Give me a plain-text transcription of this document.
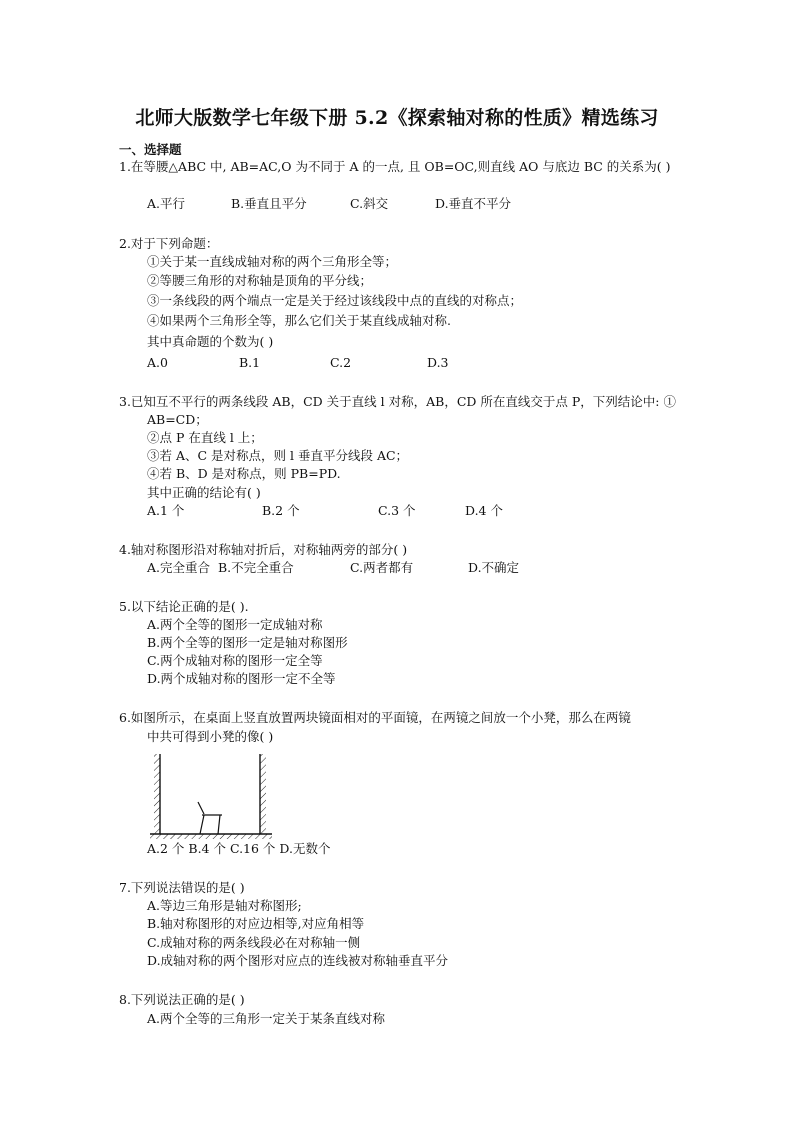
北师大版数学七年级下册 5.2《探索轴对称的性质》精选练习
一、选择题
1.在等腰△ABC 中, AB=AC,O 为不同于 A 的一点, 且 OB=OC,则直线 AO 与底边 BC 的关系为( )
A.平行	B.垂直且平分	C.斜交	D.垂直不平分
2.对于下列命题：
①关于某一直线成轴对称的两个三角形全等；
②等腰三角形的对称轴是顶角的平分线；
③一条线段的两个端点一定是关于经过该线段中点的直线的对称点；
④如果两个三角形全等，那么它们关于某直线成轴对称.
其中真命题的个数为( )
A.0	B.1	C.2	D.3
3.已知互不平行的两条线段 AB，CD 关于直线 l 对称，AB，CD 所在直线交于点 P，下列结论中: ①
AB=CD；
②点 P 在直线 l 上；
③若 A、C 是对称点，则 l 垂直平分线段 AC；
④若 B、D 是对称点，则 PB=PD.
其中正确的结论有( )
A.1 个	B.2 个	C.3 个	D.4 个
4.轴对称图形沿对称轴对折后，对称轴两旁的部分( )
A.完全重合 B.不完全重合	C.两者都有	D.不确定
5.以下结论正确的是( ).
A.两个全等的图形一定成轴对称
B.两个全等的图形一定是轴对称图形
C.两个成轴对称的图形一定全等
D.两个成轴对称的图形一定不全等
6.如图所示，在桌面上竖直放置两块镜面相对的平面镜，在两镜之间放一个小凳，那么在两镜
中共可得到小凳的像( )
A.2 个 B.4 个 C.16 个 D.无数个
7.下列说法错误的是( )
A.等边三角形是轴对称图形;
B.轴对称图形的对应边相等,对应角相等
C.成轴对称的两条线段必在对称轴一侧
D.成轴对称的两个图形对应点的连线被对称轴垂直平分
8.下列说法正确的是( )
A.两个全等的三角形一定关于某条直线对称
